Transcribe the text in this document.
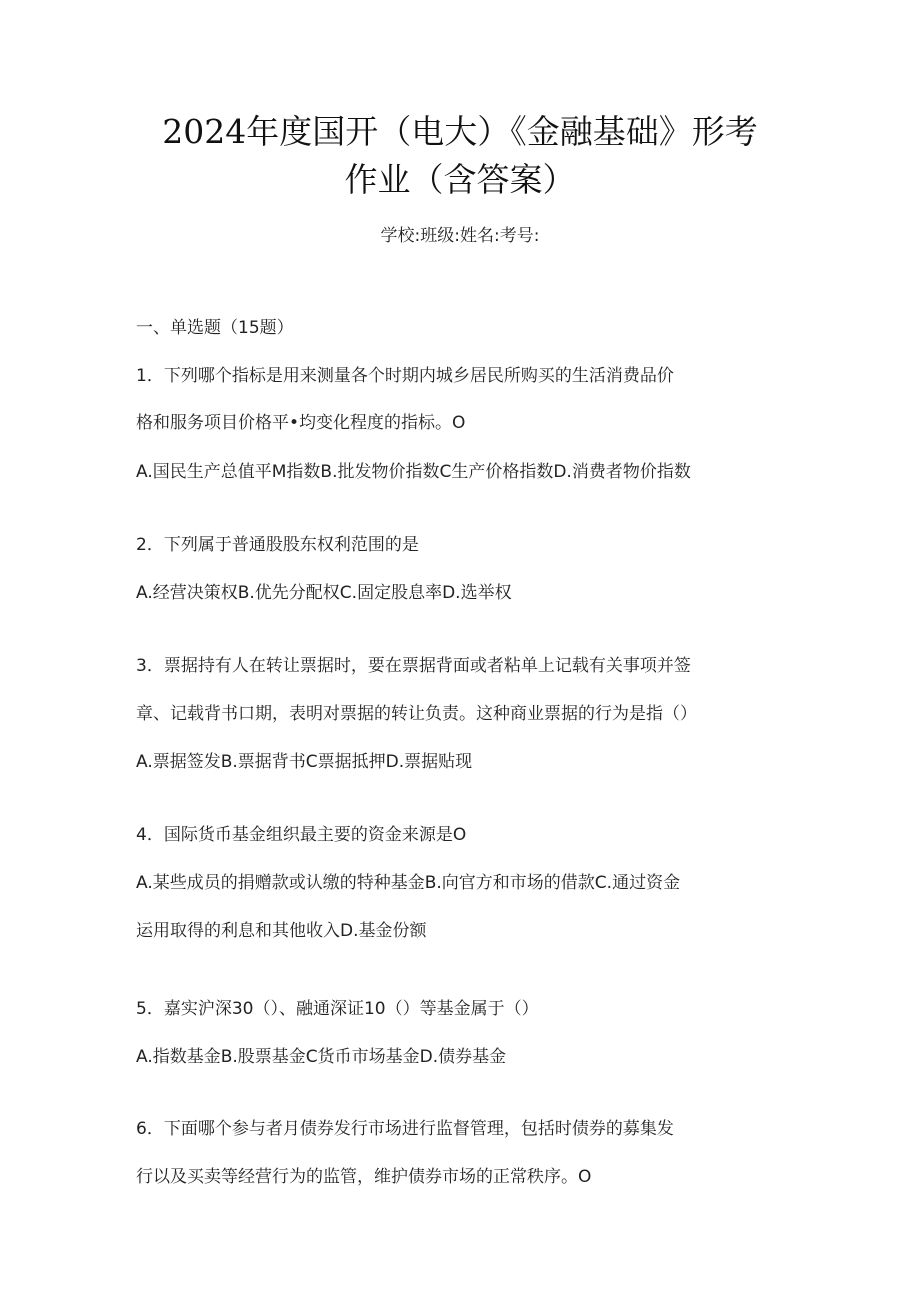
2024年度国开（电大）《金融基础》形考
作业（含答案）
学校:班级:姓名:考号:
一、单选题（15题）
1．下列哪个指标是用来测量各个时期内城乡居民所购买的生活消费品价
格和服务项目价格平•均变化程度的指标。O
A.国民生产总值平M指数B.批发物价指数C生产价格指数D.消费者物价指数
2．下列属于普通股股东权利范围的是
A.经营决策权B.优先分配权C.固定股息率D.选举权
3．票据持有人在转让票据时，要在票据背面或者粘单上记载有关事项并签
章、记载背书口期，表明对票据的转让负责。这种商业票据的行为是指（）
A.票据签发B.票据背书C票据抵押D.票据贴现
4．国际货币基金组织最主要的资金来源是O
A.某些成员的捐赠款或认缴的特种基金B.向官方和市场的借款C.通过资金
运用取得的利息和其他收入D.基金份额
5．嘉实沪深30（）、融通深证10（）等基金属于（）
A.指数基金B.股票基金C货币市场基金D.债券基金
6．下面哪个参与者月债券发行市场进行监督管理，包括时债券的募集发
行以及买卖等经营行为的监管，维护债券市场的正常秩序。O
